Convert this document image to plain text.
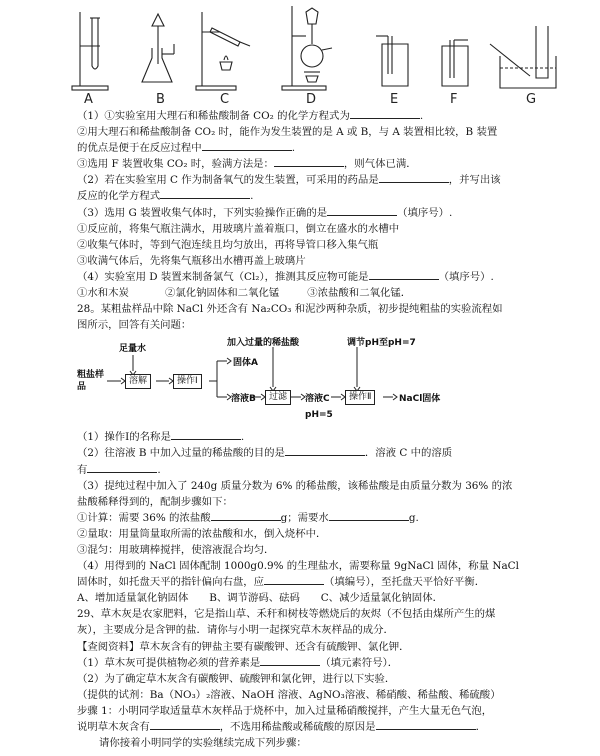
A	B	C	D	E	F	G
（1）①实验室用大理石和稀盐酸制备 CO₂ 的化学方程式为	.
②用大理石和稀盐酸制备 CO₂ 时，能作为发生装置的是 A 或 B，与 A 装置相比较，B 装置
的优点是便于在反应过程中	.
③选用 F 装置收集 CO₂ 时，验满方法是：	，则气体已满．
（2）若在实验室用 C 作为制备氧气的发生装置，可采用的药品是	，并写出该
反应的化学方程式	.
（3）选用 G 装置收集气体时，下列实验操作正确的是	（填序号）.
①反应前，将集气瓶注满水，用玻璃片盖着瓶口，倒立在盛水的水槽中
②收集气体时，等到气泡连续且均匀放出，再将导管口移入集气瓶
③收满气体后，先将集气瓶移出水槽再盖上玻璃片
（4）实验室用 D 装置来制备氯气（Cl₂），推测其反应物可能是	（填序号）.
①水和木炭	②氯化钠固体和二氧化锰	③浓盐酸和二氧化锰．
28。某粗盐样品中除 NaCl 外还含有 Na₂CO₃ 和泥沙两种杂质，初步提纯粗盐的实验流程如
图所示，回答有关问题：
足量水
加入过量的稀盐酸	调节pH至pH=7
粗盐样品
溶解	操作Ⅰ
固体A
溶液B	过滤	溶液C
pH=5
操作Ⅱ	NaCl固体
（1）操作Ⅰ的名称是	.
（2）往溶液 B 中加入过量的稀盐酸的目的是	．溶液 C 中的溶质
有	.
（3）提纯过程中加入了 240g 质量分数为 6% 的稀盐酸，该稀盐酸是由质量分数为 36% 的浓
盐酸稀释得到的，配制步骤如下：
①计算：需要 36% 的浓盐酸	g；需要水	g.
②量取：用量筒量取所需的浓盐酸和水，倒入烧杯中．
③混匀：用玻璃棒搅拌，使溶液混合均匀．
（4）用得到的 NaCl 固体配制 1000g0.9% 的生理盐水，需要称量 9gNaCl 固体，称量 NaCl
固体时，如托盘天平的指针偏向右盘，应	（填编号），至托盘天平恰好平衡．
A、增加适量氯化钠固体　　B、调节游码、砝码　　C、减少适量氯化钠固体．
29、草木灰是农家肥料，它是指山草、禾秆和树枝等燃烧后的灰烬（不包括由煤所产生的煤
灰），主要成分是含钾的盐．请你与小明一起探究草木灰样品的成分．
【查阅资料】草木灰含有的钾盐主要有碳酸钾、还含有硫酸钾、氯化钾．
（1）草木灰可提供植物必须的营养素是	（填元素符号）．
（2）为了确定草木灰含有碳酸钾、硫酸钾和氯化钾，进行以下实验．
（提供的试剂：Ba（NO₃）₂溶液、NaOH 溶液、AgNO₃溶液、稀硝酸、稀盐酸、稀硫酸）
步骤 1：小明同学取适量草木灰样品于烧杯中，加入过量稀硝酸搅拌，产生大量无色气泡，
说明草木灰含有	，不选用稀盐酸或稀硫酸的原因是	．
请你接着小明同学的实验继续完成下列步骤：
